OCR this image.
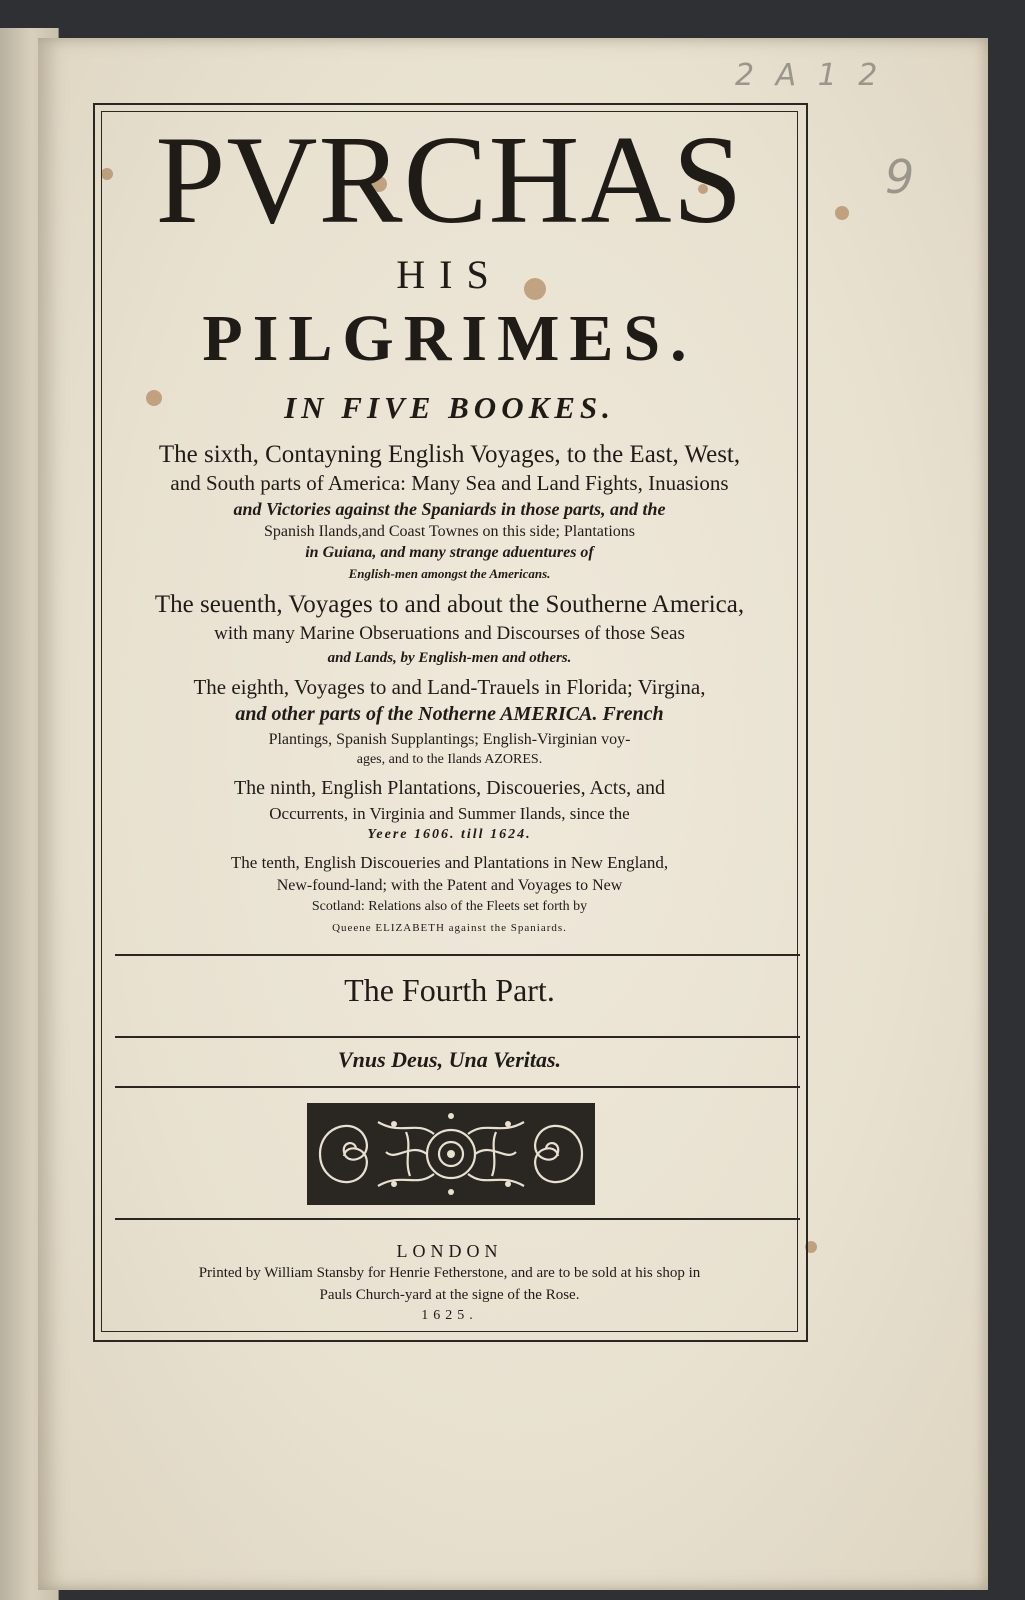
2 A 1 2
9
PVRCHAS
HIS
PILGRIMES.
IN FIVE BOOKES.
The sixth, Contayning English Voyages, to the East, West,
and South parts of America: Many Sea and Land Fights, Inuasions
and Victories against the Spaniards in those parts, and the
Spanish Ilands,and Coast Townes on this side; Plantations
in Guiana, and many strange aduentures of
English-men amongst the Americans.
The seuenth, Voyages to and about the Southerne America,
with many Marine Obseruations and Discourses of those Seas
and Lands, by English-men and others.
The eighth, Voyages to and Land-Trauels in Florida; Virgina,
and other parts of the Notherne AMERICA. French
Plantings, Spanish Supplantings; English-Virginian voy-
ages, and to the Ilands AZORES.
The ninth, English Plantations, Discoueries, Acts, and
Occurrents, in Virginia and Summer Ilands, since the
Yeere 1606. till 1624.
The tenth, English Discoueries and Plantations in New England,
New-found-land; with the Patent and Voyages to New
Scotland: Relations also of the Fleets set forth by
Queene ELIZABETH against the Spaniards.
The Fourth Part.
Vnus Deus, Una Veritas.
LONDON
Printed by William Stansby for Henrie Fetherstone, and are to be sold at his shop in
Pauls Church-yard at the signe of the Rose.
1625.
